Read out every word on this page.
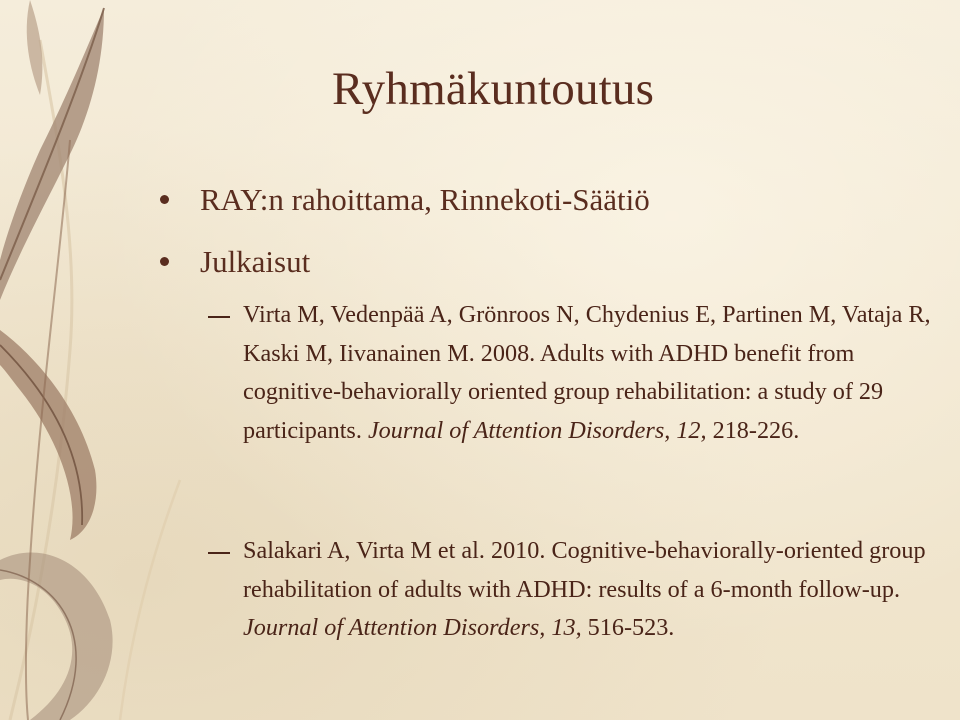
Ryhmäkuntoutus
RAY:n rahoittama, Rinnekoti-Säätiö
Julkaisut
Virta M, Vedenpää A, Grönroos N, Chydenius E, Partinen M, Vataja R, Kaski M, Iivanainen M. 2008. Adults with ADHD benefit from cognitive-behaviorally oriented group rehabilitation: a study of 29 participants. Journal of Attention Disorders, 12, 218-226.
Salakari A, Virta M et al. 2010. Cognitive-behaviorally-oriented group rehabilitation of adults with ADHD: results of a 6-month follow-up. Journal of Attention Disorders, 13, 516-523.
